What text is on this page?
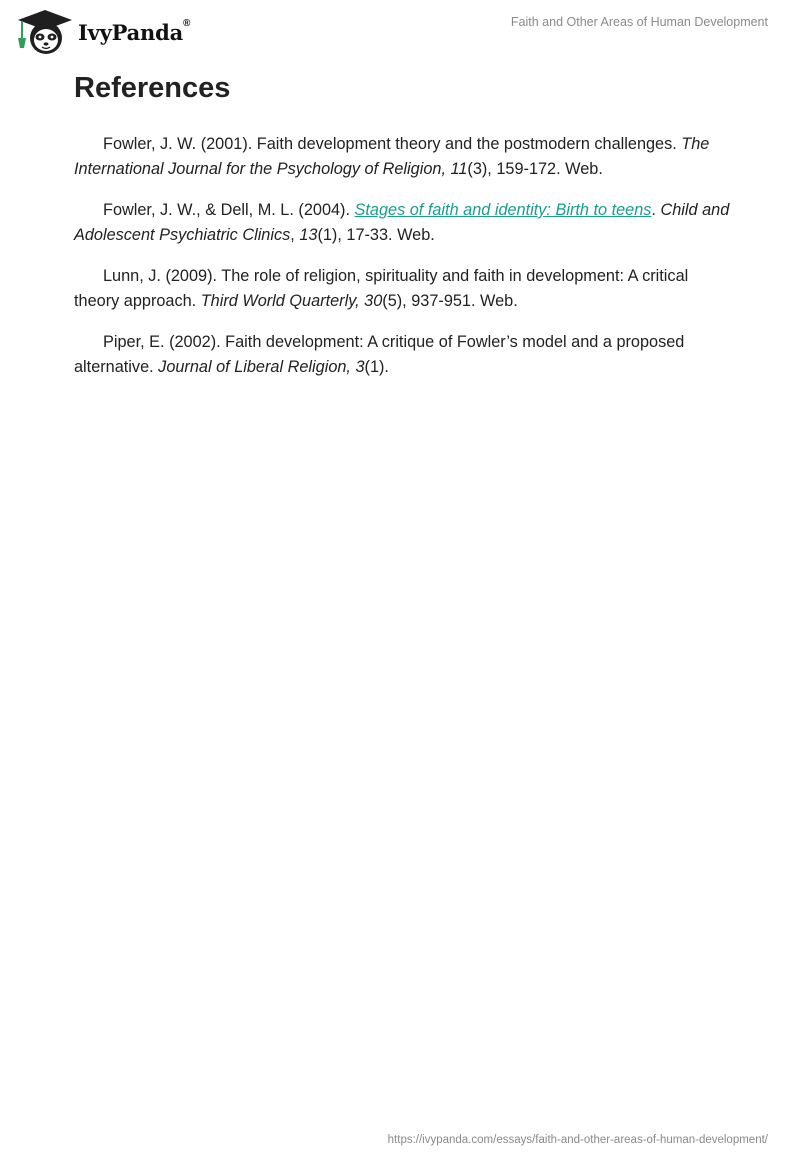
IvyPanda®	Faith and Other Areas of Human Development
References

Fowler, J. W. (2001). Faith development theory and the postmodern challenges. The International Journal for the Psychology of Religion, 11(3), 159-172. Web.

Fowler, J. W., & Dell, M. L. (2004). Stages of faith and identity: Birth to teens. Child and Adolescent Psychiatric Clinics, 13(1), 17-33. Web.

Lunn, J. (2009). The role of religion, spirituality and faith in development: A critical theory approach. Third World Quarterly, 30(5), 937-951. Web.

Piper, E. (2002). Faith development: A critique of Fowler’s model and a proposed alternative. Journal of Liberal Religion, 3(1).

https://ivypanda.com/essays/faith-and-other-areas-of-human-development/
